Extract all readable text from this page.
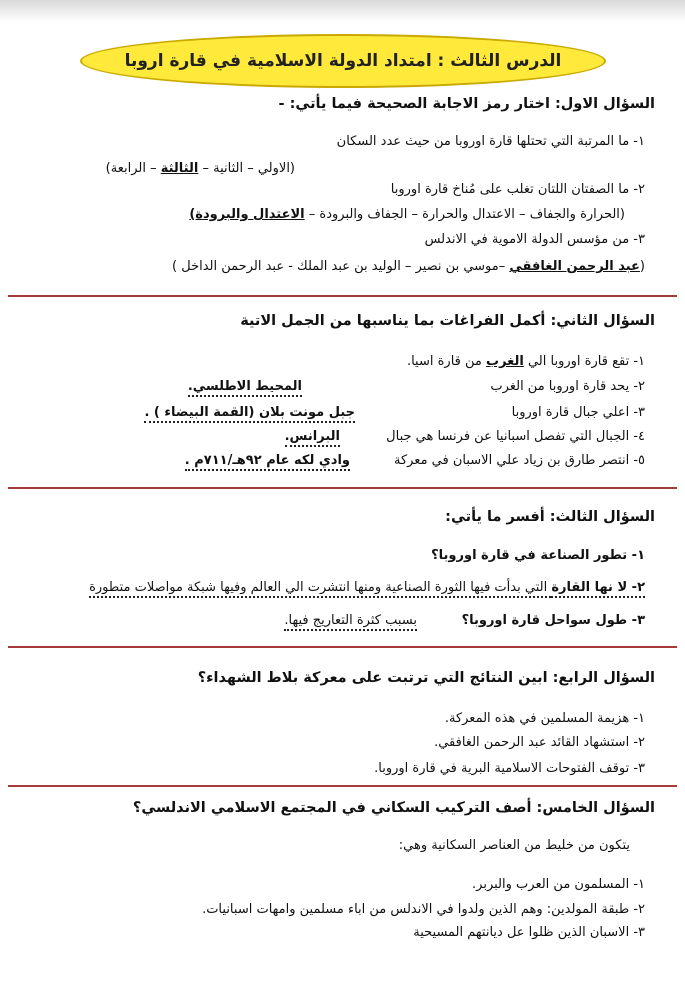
الدرس الثالث : امتداد الدولة الاسلامية في قارة اروبا
السؤال الاول: اختار رمز الاجابة الصحيحة فيما يأتي: -
١- ما المرتبة التي تحتلها قارة اوروبا من حيث عدد السكان
(الاولي – الثانية – الثالثة – الرابعة)
٢- ما الصفتان اللتان تغلب على مُناخ قارة اوروبا
(الحرارة والجفاف – الاعتدال والحرارة – الجفاف والبرودة – الاعتدال والبرودة)
٣- من مؤسس الدولة الاموية في الاندلس
(عبد الرحمن الغافقي –موسي بن نصير – الوليد بن عبد الملك - عبد الرحمن الداخل )
السؤال الثاني: أكمل الفراغات بما يناسبها من الجمل الاتية
١- تقع قارة اوروبا الي الغرب من قارة اسيا.
٢- يحد قارة اوروبا من الغرب
المحيط الاطلسي.
٣- اعلي جبال قارة اوروبا
جبل مونت بلان (القمة البيضاء ) .
٤- الجبال التي تفصل اسبانيا عن فرنسا هي جبال
البرانس.
٥- انتصر طارق بن زياد علي الاسبان في معركة
وادي لكه عام ٩٢هـ/٧١١م .
السؤال الثالث: أفسر ما يأتي:
١- تطور الصناعة في قارة اوروبا؟
٢- لا نها القارة التي بدأت فيها الثورة الصناعية ومنها انتشرت الي العالم وفيها شبكة مواصلات متطورة
٣- طول سواحل قارة اوروبا؟
بسبب كثرة التعاريج فيها.
السؤال الرابع: ابين النتائج التي ترتبت على معركة بلاط الشهداء؟
١- هزيمة المسلمين في هذه المعركة.
٢- استشهاد القائد عبد الرحمن الغافقي.
٣- توقف الفتوحات الاسلامية البرية في قارة اوروبا.
السؤال الخامس: أصف التركيب السكاني في المجتمع الاسلامي الاندلسي؟
يتكون من خليط من العناصر السكانية وهي:
١- المسلمون من العرب والبربر.
٢- طبقة المولدين: وهم الذين ولدوا في الاندلس من اباء مسلمين وامهات اسبانيات.
٣- الاسبان الذين ظلوا عل ديانتهم المسيحية
